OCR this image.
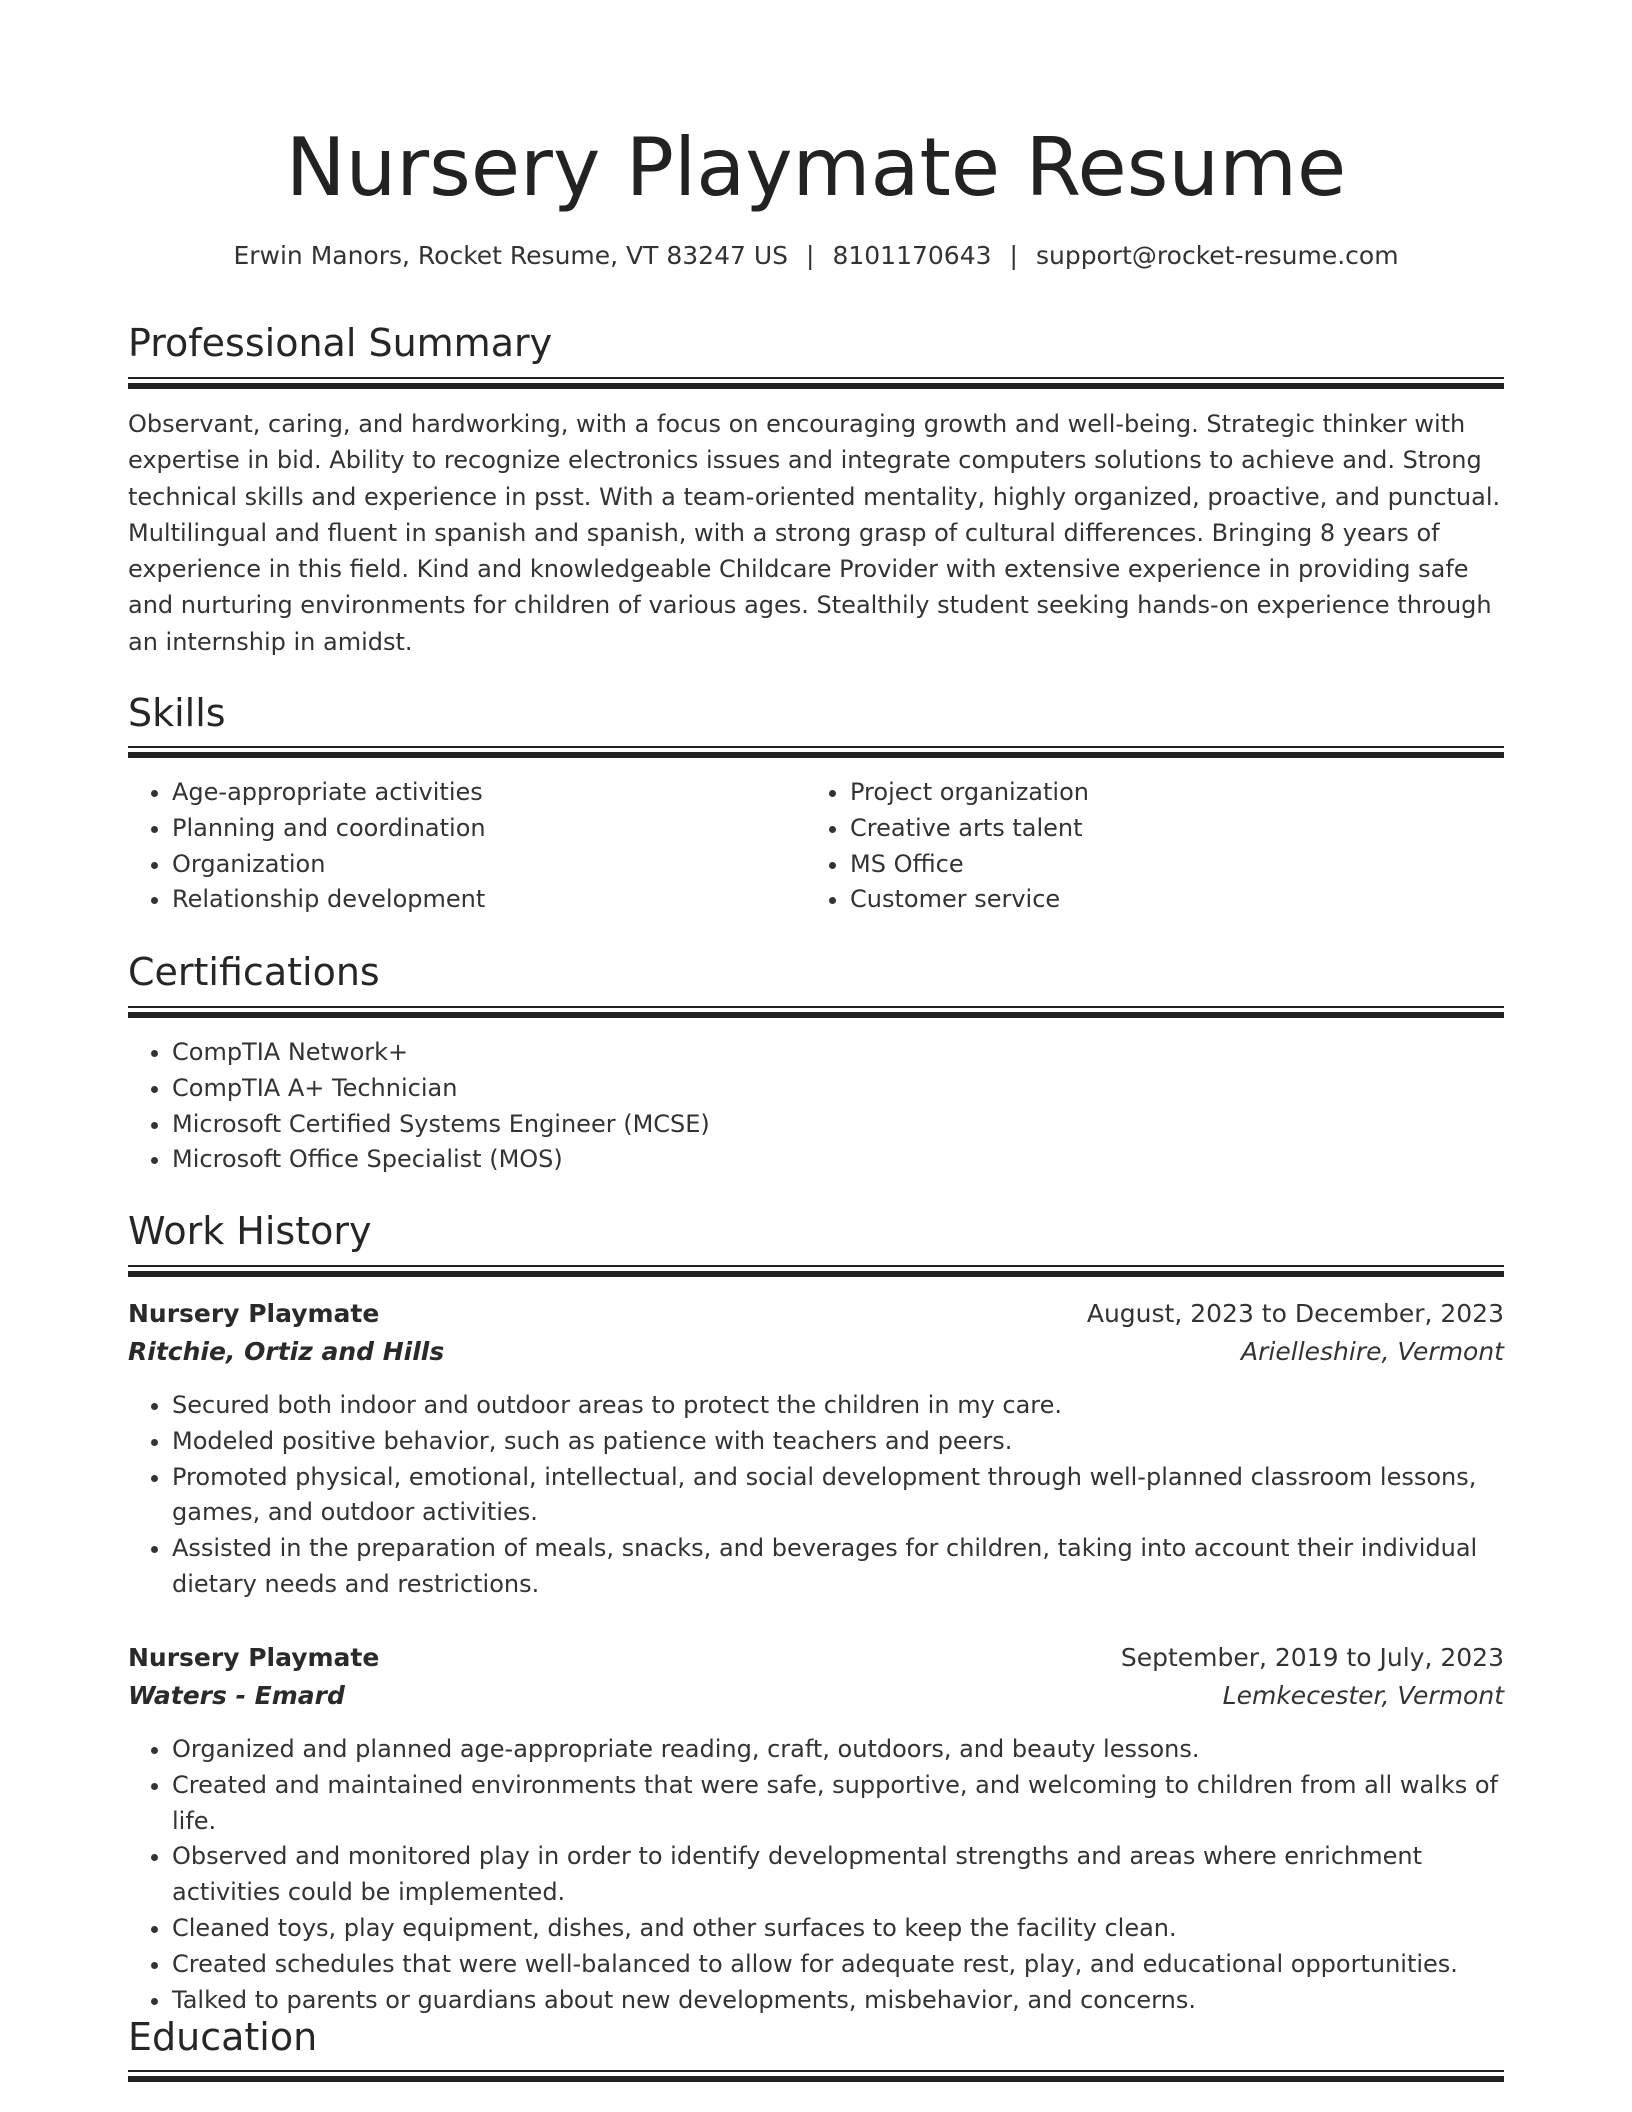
Nursery Playmate Resume
Erwin Manors, Rocket Resume, VT 83247 US | 8101170643 | support@rocket-resume.com
Professional Summary
Observant, caring, and hardworking, with a focus on encouraging growth and well-being. Strategic thinker with expertise in bid. Ability to recognize electronics issues and integrate computers solutions to achieve and. Strong technical skills and experience in psst. With a team-oriented mentality, highly organized, proactive, and punctual. Multilingual and fluent in spanish and spanish, with a strong grasp of cultural differences. Bringing 8 years of experience in this field. Kind and knowledgeable Childcare Provider with extensive experience in providing safe and nurturing environments for children of various ages. Stealthily student seeking hands-on experience through an internship in amidst.
Skills
• Age-appropriate activities
• Planning and coordination
• Organization
• Relationship development
• Project organization
• Creative arts talent
• MS Office
• Customer service
Certifications
• CompTIA Network+
• CompTIA A+ Technician
• Microsoft Certified Systems Engineer (MCSE)
• Microsoft Office Specialist (MOS)
Work History
Nursery Playmate	August, 2023 to December, 2023
Ritchie, Ortiz and Hills	Arielleshire, Vermont
• Secured both indoor and outdoor areas to protect the children in my care.
• Modeled positive behavior, such as patience with teachers and peers.
• Promoted physical, emotional, intellectual, and social development through well-planned classroom lessons, games, and outdoor activities.
• Assisted in the preparation of meals, snacks, and beverages for children, taking into account their individual dietary needs and restrictions.
Nursery Playmate	September, 2019 to July, 2023
Waters - Emard	Lemkecester, Vermont
• Organized and planned age-appropriate reading, craft, outdoors, and beauty lessons.
• Created and maintained environments that were safe, supportive, and welcoming to children from all walks of life.
• Observed and monitored play in order to identify developmental strengths and areas where enrichment activities could be implemented.
• Cleaned toys, play equipment, dishes, and other surfaces to keep the facility clean.
• Created schedules that were well-balanced to allow for adequate rest, play, and educational opportunities.
• Talked to parents or guardians about new developments, misbehavior, and concerns.
Education
